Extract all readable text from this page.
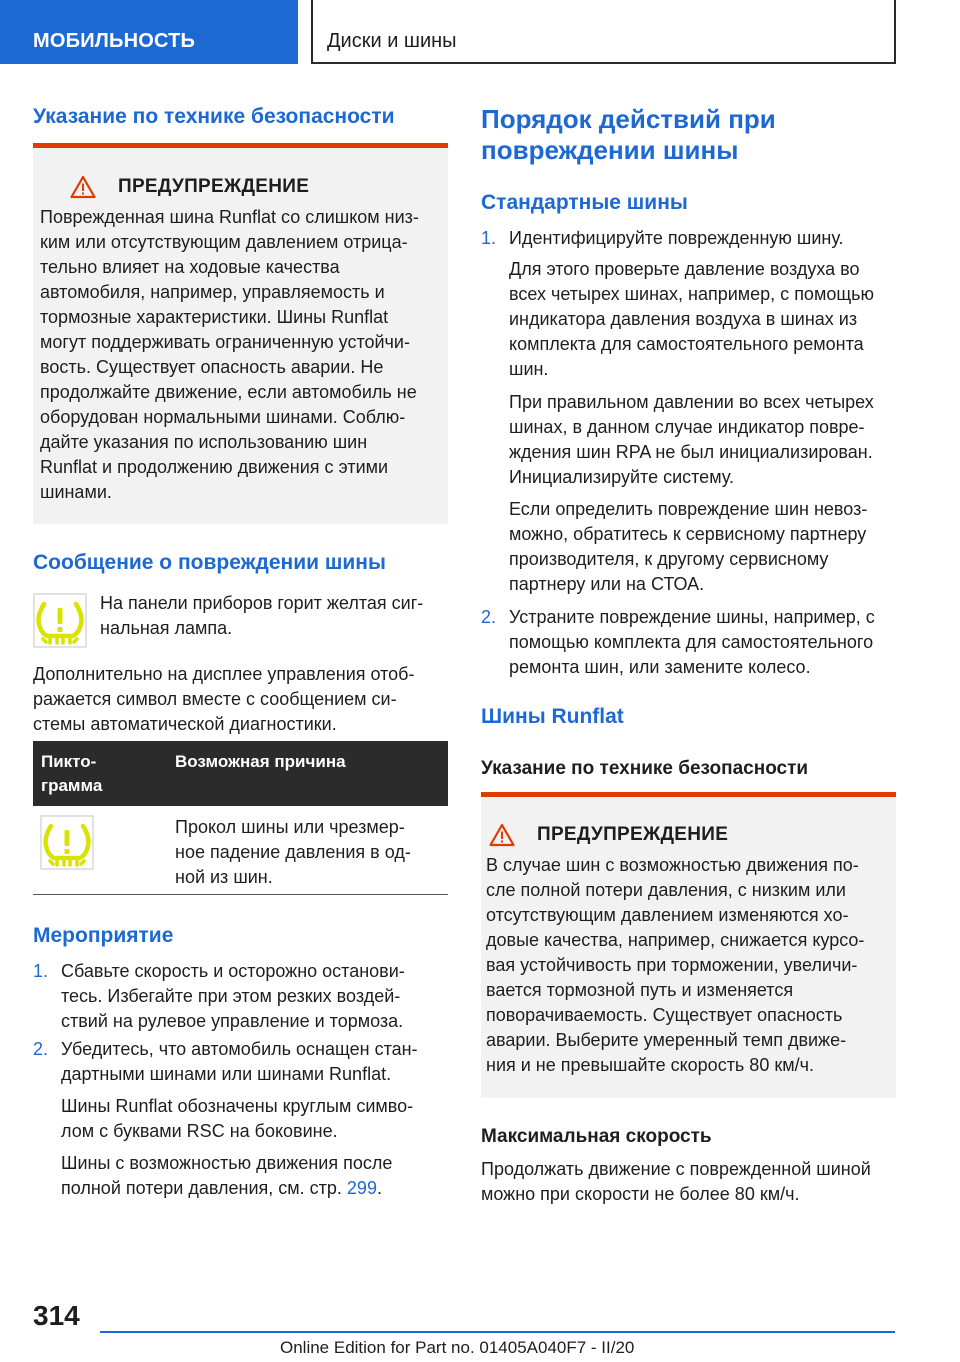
МОБИЛЬНОСТЬ	Диски и шины
Указание по технике безопасности
ПРЕДУПРЕЖДЕНИЕ

Поврежденная шина Runflat со слишком низ-

ким или отсутствующим давлением отрица-

тельно влияет на ходовые качества

автомобиля, например, управляемость и

тормозные характеристики. Шины Runflat

могут поддерживать ограниченную устойчи-

вость. Существует опасность аварии. Не

продолжайте движение, если автомобиль не

оборудован нормальными шинами. Соблю-

дайте указания по использованию шин

Runflat и продолжению движения с этими

шинами.

Сообщение о повреждении шины

На панели приборов горит желтая сиг-

нальная лампа.

Дополнительно на дисплее управления отоб-

ражается символ вместе с сообщением си-

стемы автоматической диагностики.

Пикто-
грамма
Возможная причина

Прокол шины или чрезмер-

ное падение давления в од-

ной из шин.

Мероприятие
1. Сбавьте скорость и осторожно останови-

тесь. Избегайте при этом резких воздей-

ствий на рулевое управление и тормоза.

2. Убедитесь, что автомобиль оснащен стан-

дартными шинами или шинами Runflat.

Шины Runflat обозначены круглым симво-

лом с буквами RSC на боковине.

Шины с возможностью движения после

полной потери давления, см. стр. 299.

Порядок действий при
повреждении шины
Стандартные шины
1. Идентифицируйте поврежденную шину.

Для этого проверьте давление воздуха во

всех четырех шинах, например, с помощью

индикатора давления воздуха в шинах из

комплекта для самостоятельного ремонта

шин.

При правильном давлении во всех четырех

шинах, в данном случае индикатор повре-

ждения шин RPA не был инициализирован.

Инициализируйте систему.

Если определить повреждение шин невоз-

можно, обратитесь к сервисному партнеру

производителя, к другому сервисному

партнеру или на СТОА.

2. Устраните повреждение шины, например, с

помощью комплекта для самостоятельного

ремонта шин, или замените колесо.

Шины Runflat
Указание по технике безопасности
ПРЕДУПРЕЖДЕНИЕ

В случае шин с возможностью движения по-

сле полной потери давления, с низким или

отсутствующим давлением изменяются хо-

довые качества, например, снижается курсо-

вая устойчивость при торможении, увеличи-

вается тормозной путь и изменяется

поворачиваемость. Существует опасность

аварии. Выберите умеренный темп движе-

ния и не превышайте скорость 80 км/ч.

Максимальная скорость

Продолжать движение с поврежденной шиной

можно при скорости не более 80 км/ч.

314
Online Edition for Part no. 01405A040F7 - II/20
